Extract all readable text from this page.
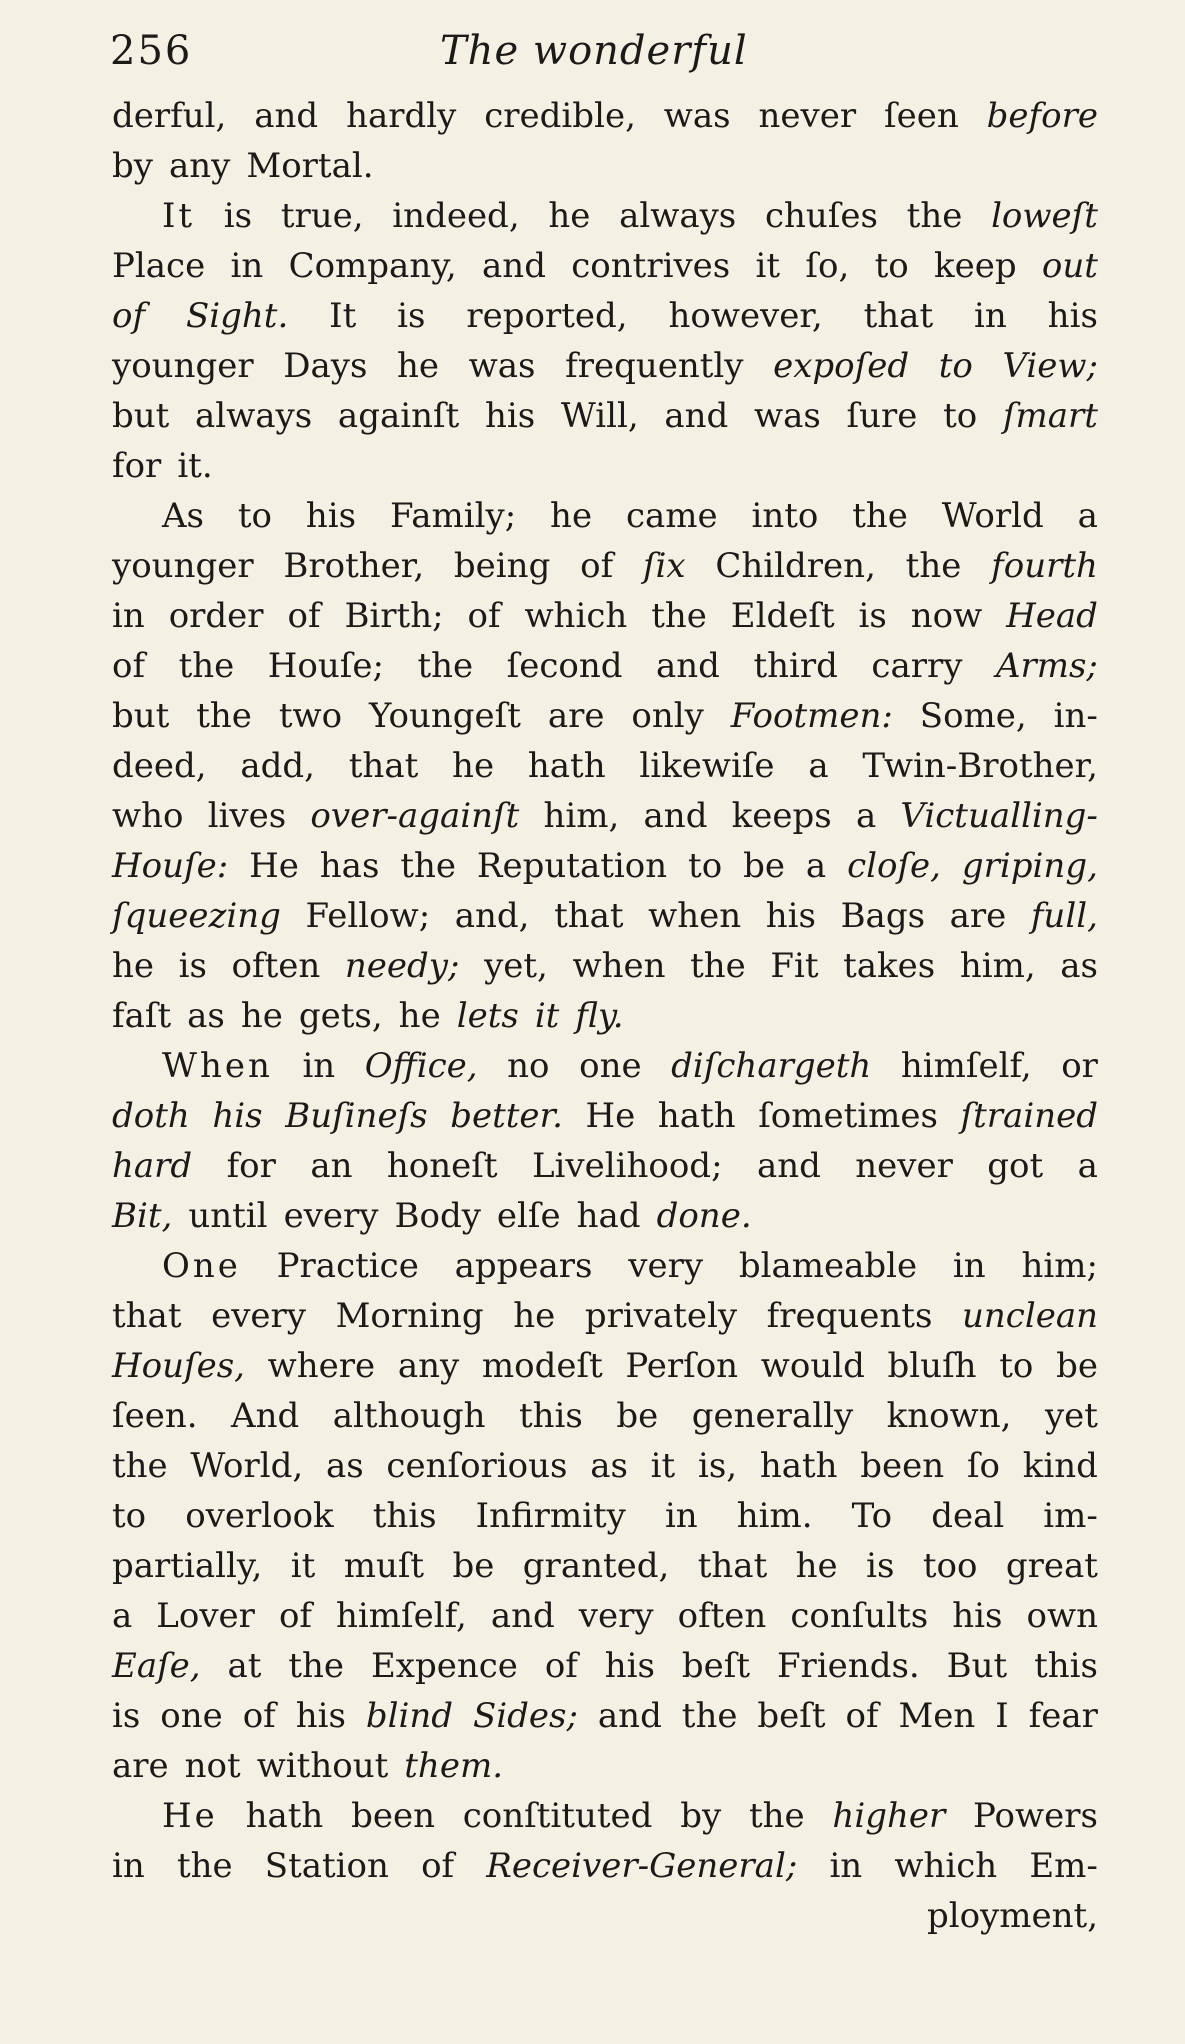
256	The wonderful
derful, and hardly credible, was never ſeen before
by any Mortal.
It is true, indeed, he always chuſes the loweſt
Place in Company, and contrives it ſo, to keep out
of Sight. It is reported, however, that in his
younger Days he was frequently expoſed to View;
but always againſt his Will, and was ſure to ſmart
for it.
As to his Family; he came into the World a
younger Brother, being of ſix Children, the fourth
in order of Birth; of which the Eldeſt is now Head
of the Houſe; the ſecond and third carry Arms;
but the two Youngeſt are only Footmen: Some, in-
deed, add, that he hath likewiſe a Twin-Brother,
who lives over-againſt him, and keeps a Victualling-
Houſe: He has the Reputation to be a cloſe, griping,
ſqueezing Fellow; and, that when his Bags are full,
he is often needy; yet, when the Fit takes him, as
faſt as he gets, he lets it fly.
When in Office, no one diſchargeth himſelf, or
doth his Buſineſs better. He hath ſometimes ſtrained
hard for an honeſt Livelihood; and never got a
Bit, until every Body elſe had done.
One Practice appears very blameable in him;
that every Morning he privately frequents unclean
Houſes, where any modeſt Perſon would bluſh to be
ſeen. And although this be generally known, yet
the World, as cenſorious as it is, hath been ſo kind
to overlook this Infirmity in him. To deal im-
partially, it muſt be granted, that he is too great
a Lover of himſelf, and very often conſults his own
Eaſe, at the Expence of his beſt Friends. But this
is one of his blind Sides; and the beſt of Men I fear
are not without them.
He hath been conſtituted by the higher Powers
in the Station of Receiver-General; in which Em-
ployment,
